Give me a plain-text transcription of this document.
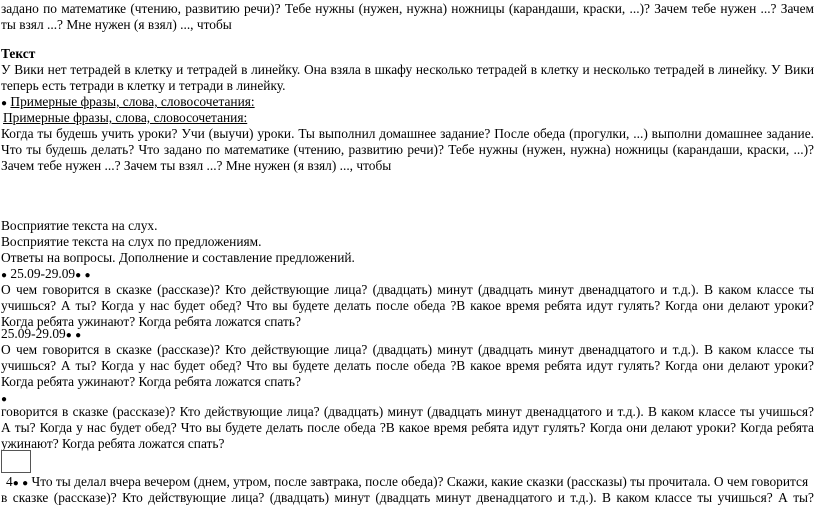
задано по математике (чтению, развитию речи)? Тебе нужны (нужен, нужна) ножницы (карандаши, краски, ...)? Зачем тебе нужен ...? Зачем
ты взял ...? Мне нужен (я взял) ..., чтобы
Текст
У Вики нет тетрадей в клетку и тетрадей в линейку. Она взяла в шкафу несколько тетрадей в клетку и несколько тетрадей в линейку. У Вики
теперь есть тетради в клетку и тетради в линейку.
● Примерные фразы, слова, словосочетания:
Примерные фразы, слова, словосочетания:
Когда ты будешь учить уроки? Учи (выучи) уроки. Ты выполнил домашнее задание? После обеда (прогулки, ...) выполни домашнее задание.
Что ты будешь делать? Что задано по математике (чтению, развитию речи)? Тебе нужны (нужен, нужна) ножницы (карандаши, краски, ...)?
Зачем тебе нужен ...? Зачем ты взял ...? Мне нужен (я взял) ..., чтобы
Восприятие текста на слух.
Восприятие текста на слух по предложениям.
Ответы на вопросы. Дополнение и составление предложений.
● 25.09-29.09● ●
О чем говорится в сказке (рассказе)? Кто действующие лица? (двадцать) минут (двадцать минут двенадцатого и т.д.). В каком классе ты
учишься? А ты? Когда у нас будет обед? Что вы будете делать после обеда ?В какое время ребята идут гулять? Когда они делают уроки?
Когда ребята ужинают? Когда ребята ложатся спать?
25.09-29.09● ●
О чем говорится в сказке (рассказе)? Кто действующие лица? (двадцать) минут (двадцать минут двенадцатого и т.д.). В каком классе ты
учишься? А ты? Когда у нас будет обед? Что вы будете делать после обеда ?В какое время ребята идут гулять? Когда они делают уроки?
Когда ребята ужинают? Когда ребята ложатся спать?
●
говорится в сказке (рассказе)? Кто действующие лица? (двадцать) минут (двадцать минут двенадцатого и т.д.). В каком классе ты учишься?
А ты? Когда у нас будет обед? Что вы будете делать после обеда ?В какое время ребята идут гулять? Когда они делают уроки? Когда ребята
ужинают? Когда ребята ложатся спать?
4● ● Что ты делал вчера вечером (днем, утром, после завтрака, после обеда)? Скажи, какие сказки (рассказы) ты прочитала. О чем говорится
в сказке (рассказе)? Кто действующие лица? (двадцать) минут (двадцать минут двенадцатого и т.д.). В каком классе ты учишься? А ты?
